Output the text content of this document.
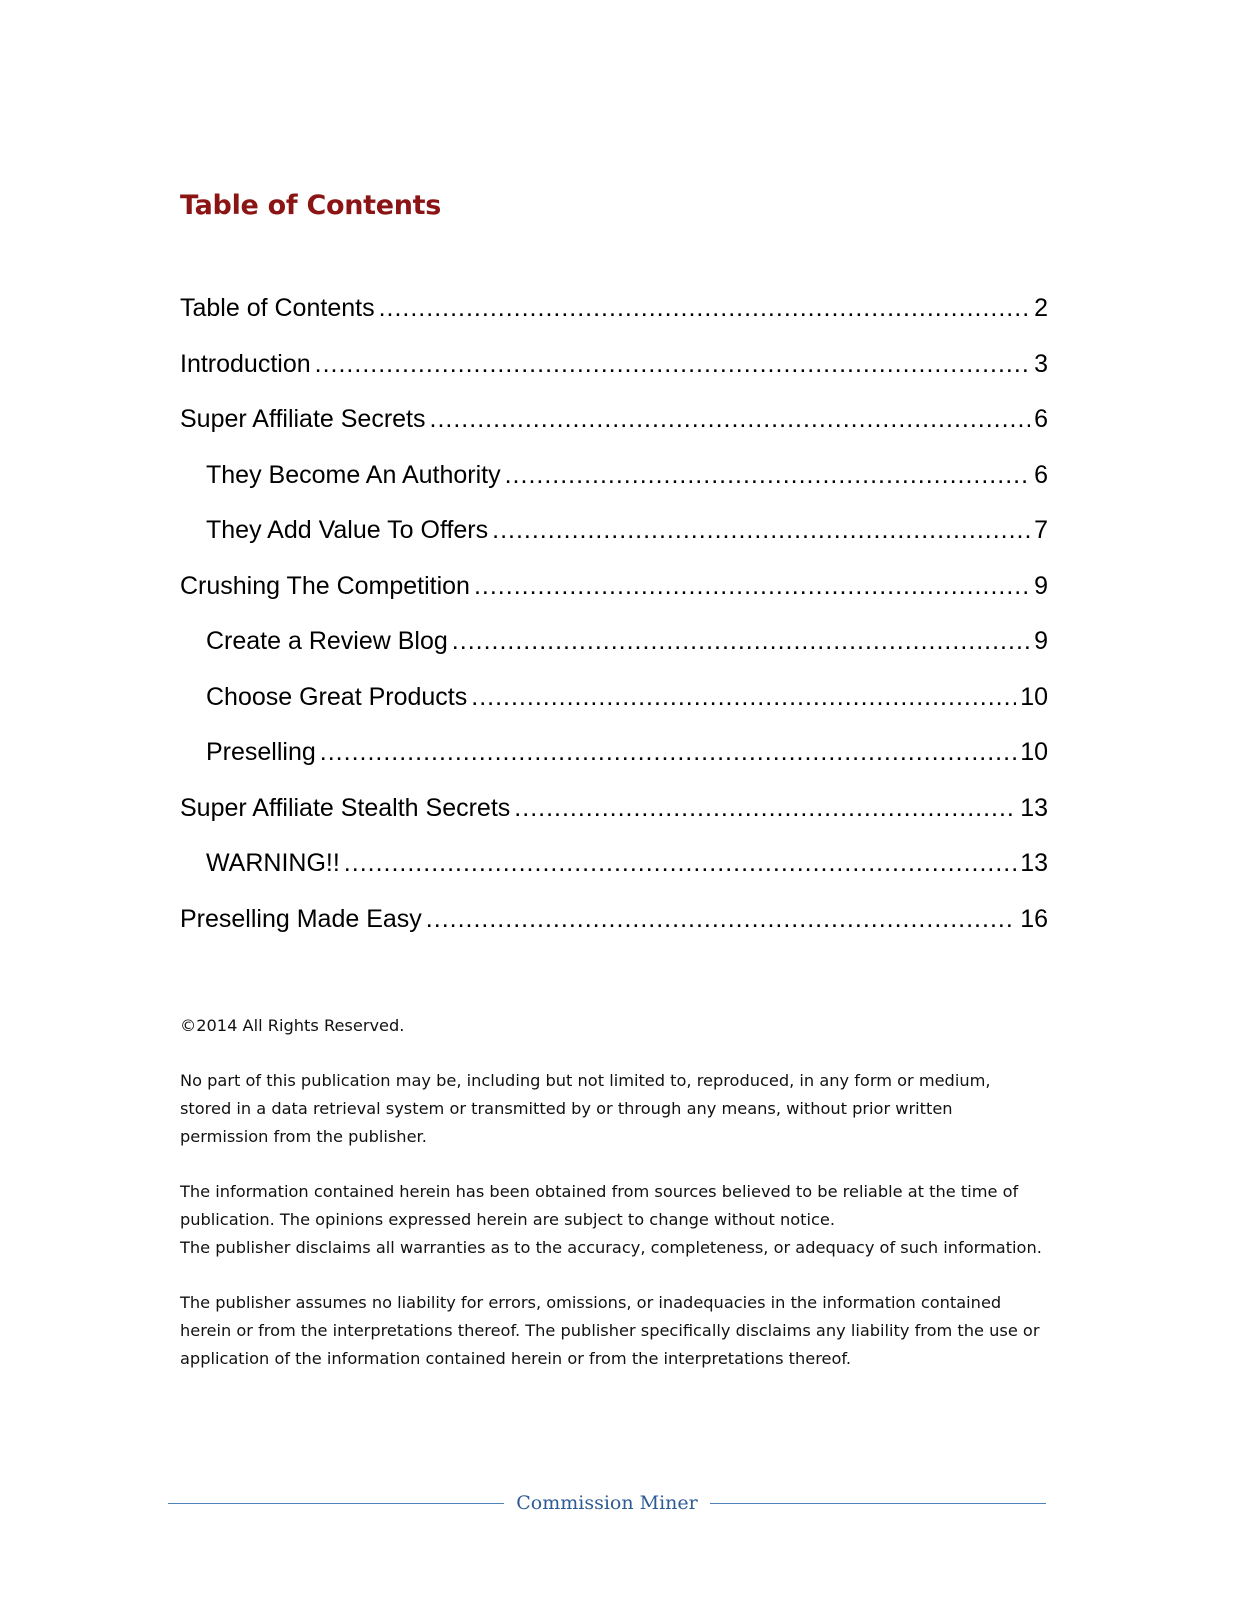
Table of Contents
Table of Contents .....	2
Introduction .....	3
Super Affiliate Secrets .....	6
They Become An Authority .....	6
They Add Value To Offers .....	7
Crushing The Competition .....	9
Create a Review Blog .....	9
Choose Great Products .....	10
Preselling .....	10
Super Affiliate Stealth Secrets .....	13
WARNING!! .....	13
Preselling Made Easy .....	16

©2014 All Rights Reserved.

No part of this publication may be, including but not limited to, reproduced, in any form or medium,
stored in a data retrieval system or transmitted by or through any means, without prior written
permission from the publisher.

The information contained herein has been obtained from sources believed to be reliable at the time of
publication. The opinions expressed herein are subject to change without notice.
The publisher disclaims all warranties as to the accuracy, completeness, or adequacy of such information.

The publisher assumes no liability for errors, omissions, or inadequacies in the information contained
herein or from the interpretations thereof. The publisher specifically disclaims any liability from the use or
application of the information contained herein or from the interpretations thereof.

Commission Miner
